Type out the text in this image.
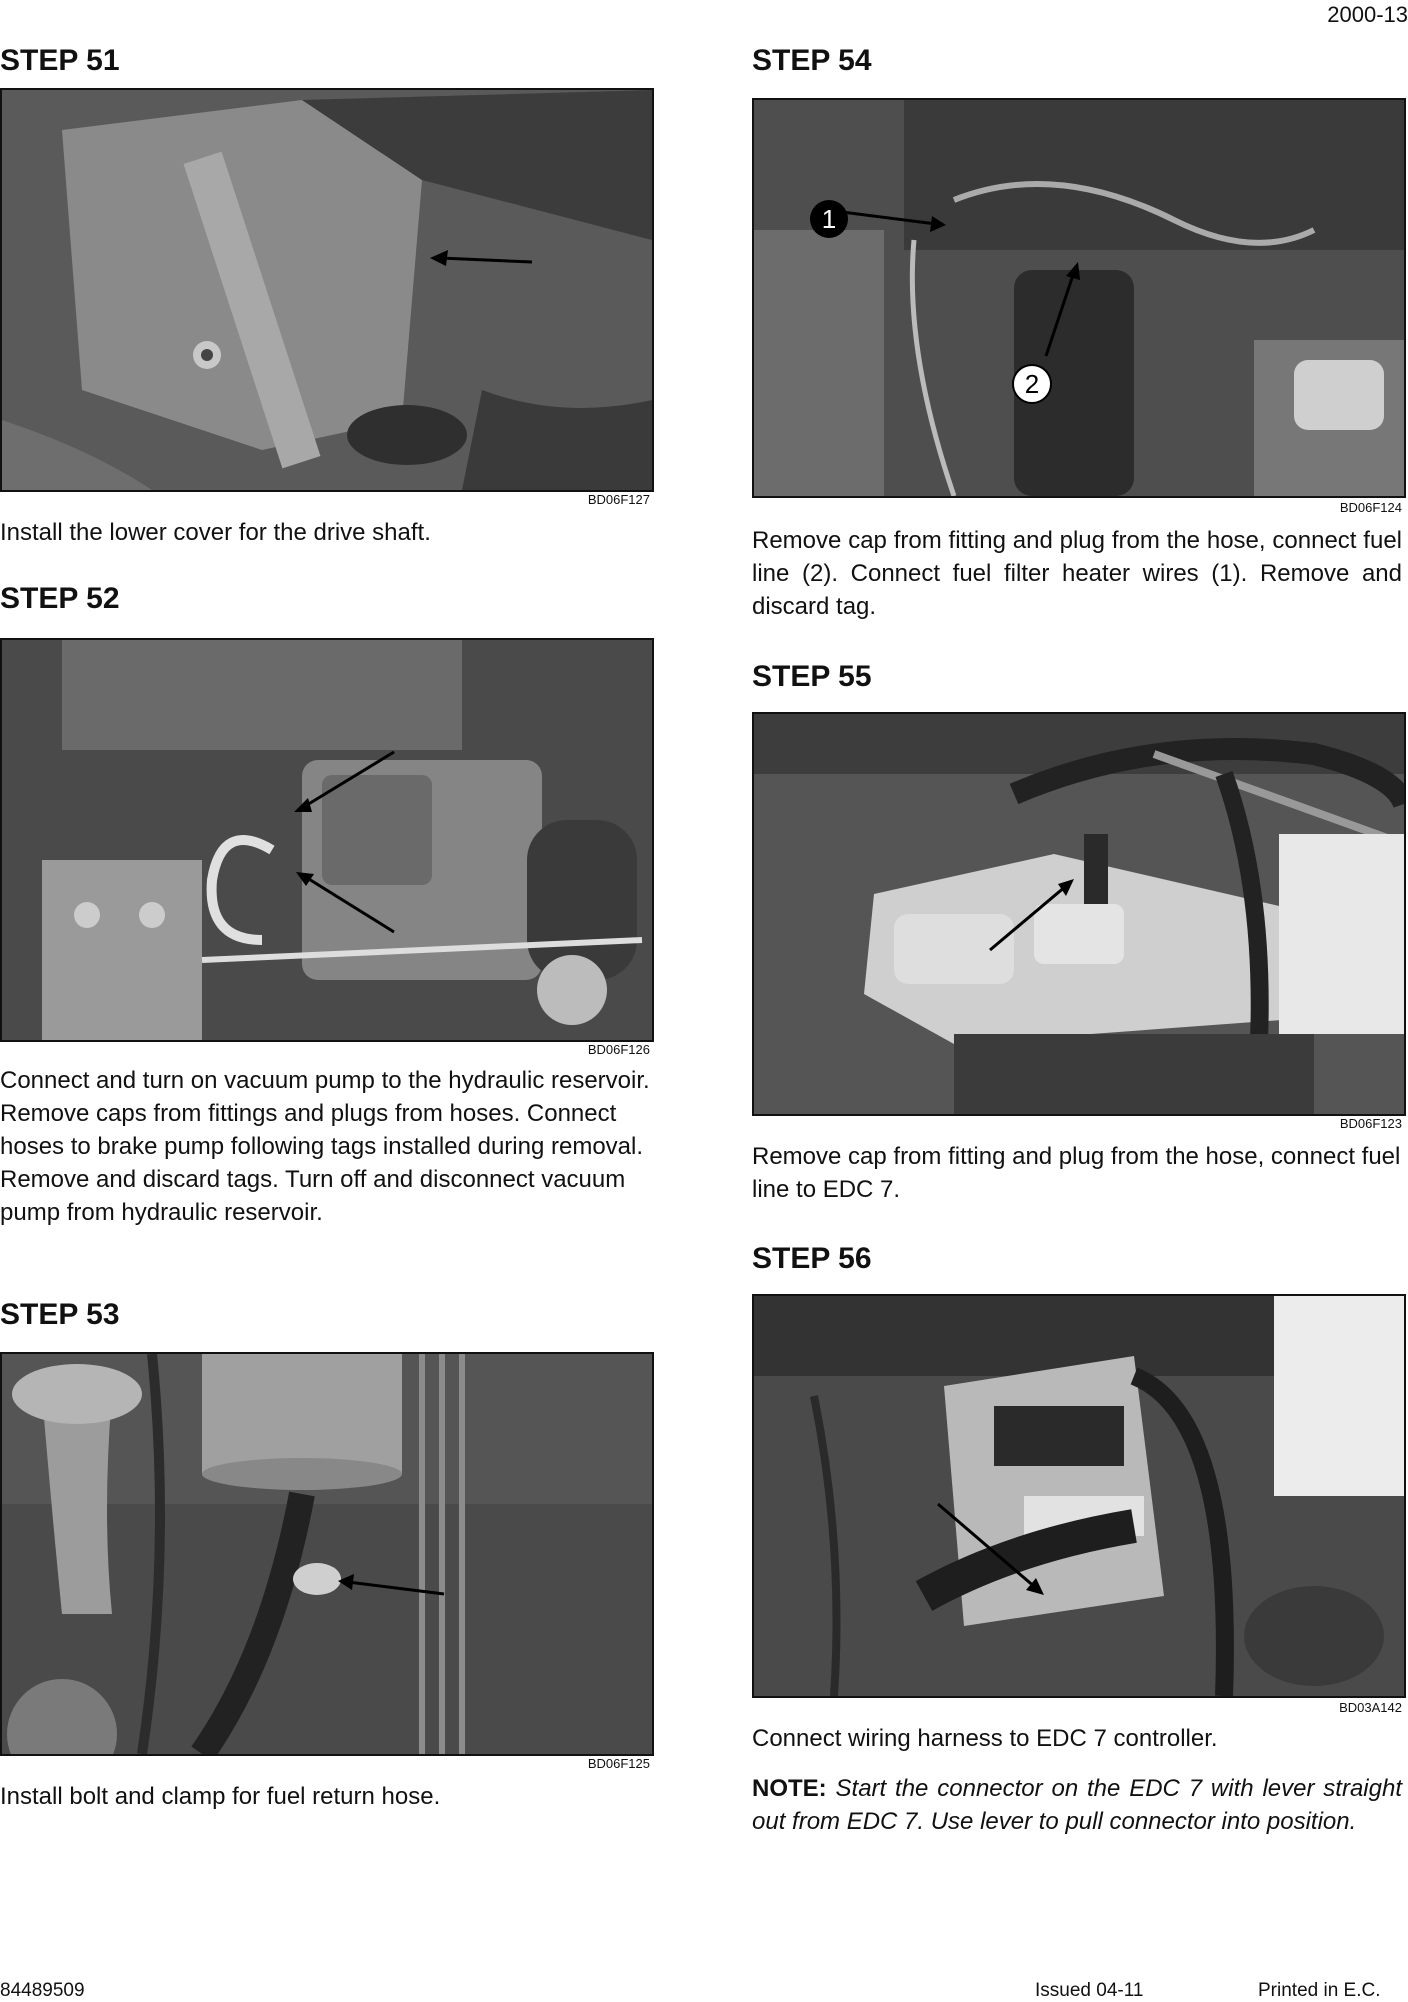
2000-13
STEP 51
BD06F127
Install the lower cover for the drive shaft.
STEP 52
BD06F126
Connect and turn on vacuum pump to the hydraulic reservoir. Remove caps from fittings and plugs from hoses. Connect hoses to brake pump following tags installed during removal. Remove and discard tags. Turn off and disconnect vacuum pump from hydraulic reservoir.
STEP 53
BD06F125
Install bolt and clamp for fuel return hose.
STEP 54
1
2
BD06F124
Remove cap from fitting and plug from the hose, connect fuel line (2). Connect fuel filter heater wires (1). Remove and discard tag.
STEP 55
BD06F123
Remove cap from fitting and plug from the hose, connect fuel line to EDC 7.
STEP 56
BD03A142
Connect wiring harness to EDC 7 controller.
NOTE: Start the connector on the EDC 7 with lever straight out from EDC 7. Use lever to pull connector into position.
84489509	Issued 04-11	Printed in E.C.
